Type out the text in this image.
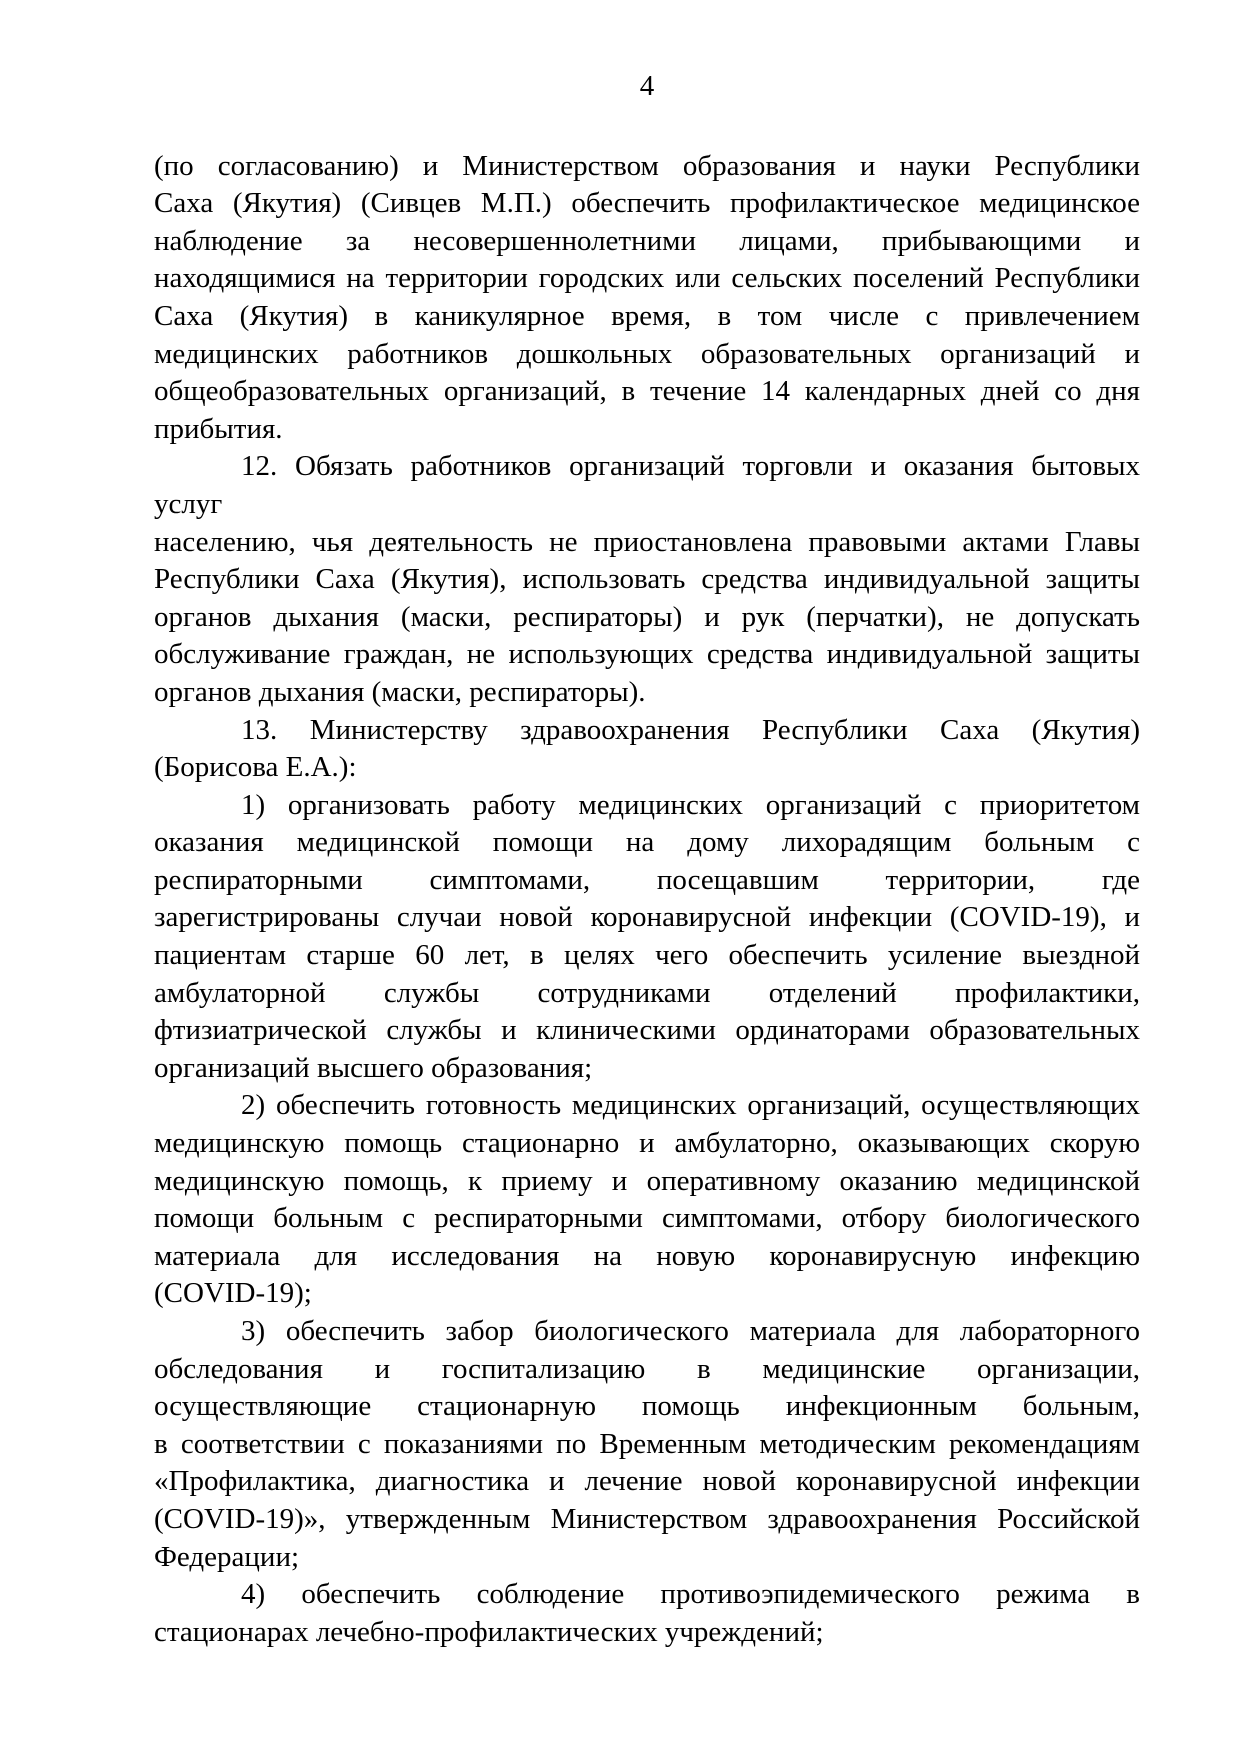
4
(по согласованию) и Министерством образования и науки Республики
Саха (Якутия) (Сивцев М.П.) обеспечить профилактическое медицинское
наблюдение за несовершеннолетними лицами, прибывающими и
находящимися на территории городских или сельских поселений Республики
Саха (Якутия) в каникулярное время, в том числе с привлечением
медицинских работников дошкольных образовательных организаций и
общеобразовательных организаций, в течение 14 календарных дней со дня
прибытия.
12. Обязать работников организаций торговли и оказания бытовых услуг
населению, чья деятельность не приостановлена правовыми актами Главы
Республики Саха (Якутия), использовать средства индивидуальной защиты
органов дыхания (маски, респираторы) и рук (перчатки), не допускать
обслуживание граждан, не использующих средства индивидуальной защиты
органов дыхания (маски, респираторы).
13. Министерству здравоохранения Республики Саха (Якутия)
(Борисова Е.А.):
1) организовать работу медицинских организаций с приоритетом
оказания медицинской помощи на дому лихорадящим больным с
респираторными симптомами, посещавшим территории, где
зарегистрированы случаи новой коронавирусной инфекции (COVID-19), и
пациентам старше 60 лет, в целях чего обеспечить усиление выездной
амбулаторной службы сотрудниками отделений профилактики,
фтизиатрической службы и клиническими ординаторами образовательных
организаций высшего образования;
2) обеспечить готовность медицинских организаций, осуществляющих
медицинскую помощь стационарно и амбулаторно, оказывающих скорую
медицинскую помощь, к приему и оперативному оказанию медицинской
помощи больным с респираторными симптомами, отбору биологического
материала для исследования на новую коронавирусную инфекцию
(COVID-19);
3) обеспечить забор биологического материала для лабораторного
обследования и госпитализацию в медицинские организации,
осуществляющие стационарную помощь инфекционным больным,
в соответствии с показаниями по Временным методическим рекомендациям
«Профилактика, диагностика и лечение новой коронавирусной инфекции
(COVID-19)», утвержденным Министерством здравоохранения Российской
Федерации;
4) обеспечить соблюдение противоэпидемического режима в
стационарах лечебно-профилактических учреждений;
